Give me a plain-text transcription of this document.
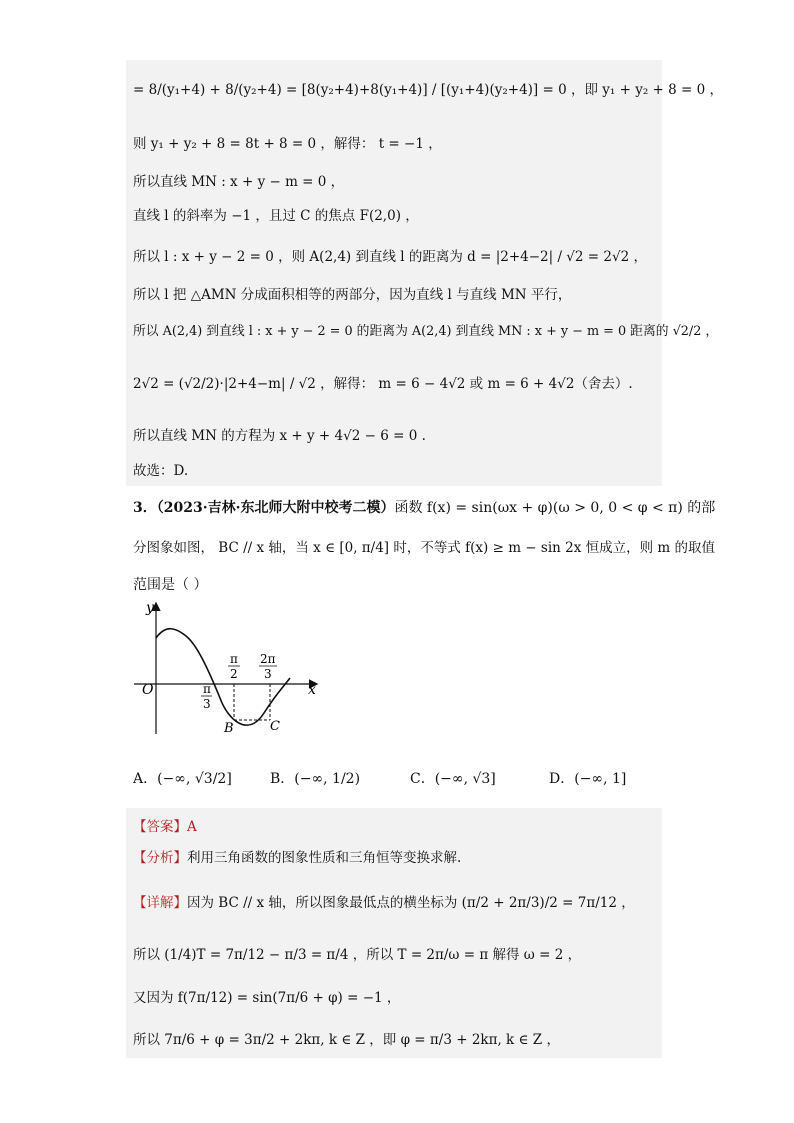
= 8/(y₁+4) + 8/(y₂+4) = [8(y₂+4)+8(y₁+4)] / [(y₁+4)(y₂+4)] = 0 ，即 y₁ + y₂ + 8 = 0 ，
则 y₁ + y₂ + 8 = 8t + 8 = 0 ，解得： t = −1 ，
所以直线 MN : x + y − m = 0 ，
直线 l 的斜率为 −1 ，且过 C 的焦点 F(2,0) ，
所以 l : x + y − 2 = 0 ，则 A(2,4) 到直线 l 的距离为 d = |2+4−2| / √2 = 2√2 ，
所以 l 把 △AMN 分成面积相等的两部分，因为直线 l 与直线 MN 平行，
所以 A(2,4) 到直线 l : x + y − 2 = 0 的距离为 A(2,4) 到直线 MN : x + y − m = 0 距离的 √2/2 ，
2√2 = (√2/2)·|2+4−m| / √2 ，解得： m = 6 − 4√2 或 m = 6 + 4√2（舍去）.
所以直线 MN 的方程为 x + y + 4√2 − 6 = 0 .
故选：D.
3．（2023·吉林·东北师大附中校考二模）函数 f(x) = sin(ωx + φ)(ω > 0, 0 < φ < π) 的部
分图象如图， BC // x 轴，当 x ∈ [0, π/4] 时，不等式 f(x) ≥ m − sin 2x 恒成立，则 m 的取值
范围是（ ）
y
x
O	π
3
π
2
2π
3
B	C
A．(−∞, √3/2]	B．(−∞, 1/2)	C．(−∞, √3]	D．(−∞, 1]
【答案】A
【分析】利用三角函数的图象性质和三角恒等变换求解.
【详解】因为 BC // x 轴，所以图象最低点的横坐标为 (π/2 + 2π/3)/2 = 7π/12 ，
所以 (1/4)T = 7π/12 − π/3 = π/4 ，所以 T = 2π/ω = π 解得 ω = 2 ，
又因为 f(7π/12) = sin(7π/6 + φ) = −1 ，
所以 7π/6 + φ = 3π/2 + 2kπ, k ∈ Z ，即 φ = π/3 + 2kπ, k ∈ Z ，
